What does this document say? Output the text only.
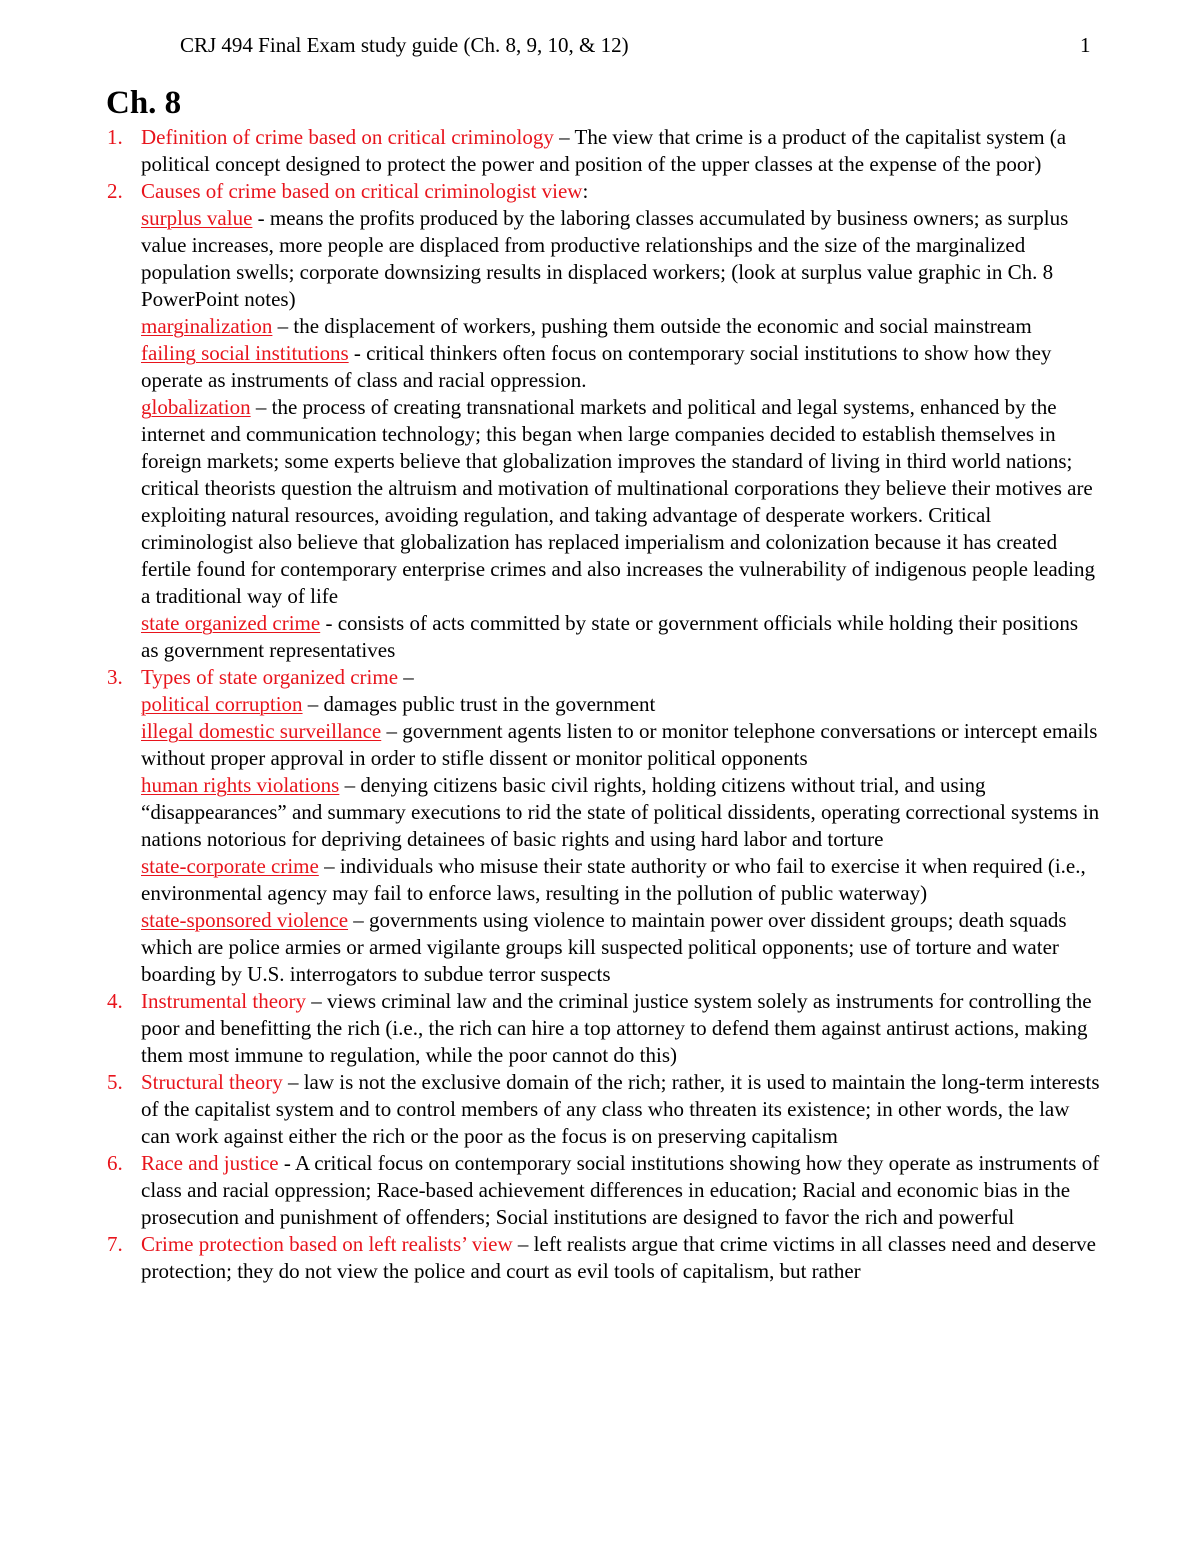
CRJ 494 Final Exam study guide (Ch. 8, 9, 10, & 12)	1
Ch. 8
1. Definition of crime based on critical criminology – The view that crime is a product of the capitalist system (a political concept designed to protect the power and position of the upper classes at the expense of the poor)
2. Causes of crime based on critical criminologist view:
surplus value - means the profits produced by the laboring classes accumulated by business owners; as surplus value increases, more people are displaced from productive relationships and the size of the marginalized population swells; corporate downsizing results in displaced workers; (look at surplus value graphic in Ch. 8 PowerPoint notes)
marginalization – the displacement of workers, pushing them outside the economic and social mainstream
failing social institutions - critical thinkers often focus on contemporary social institutions to show how they operate as instruments of class and racial oppression.
globalization – the process of creating transnational markets and political and legal systems, enhanced by the internet and communication technology; this began when large companies decided to establish themselves in foreign markets; some experts believe that globalization improves the standard of living in third world nations; critical theorists question the altruism and motivation of multinational corporations they believe their motives are exploiting natural resources, avoiding regulation, and taking advantage of desperate workers. Critical criminologist also believe that globalization has replaced imperialism and colonization because it has created fertile found for contemporary enterprise crimes and also increases the vulnerability of indigenous people leading a traditional way of life
state organized crime - consists of acts committed by state or government officials while holding their positions as government representatives
3. Types of state organized crime –
political corruption – damages public trust in the government
illegal domestic surveillance – government agents listen to or monitor telephone conversations or intercept emails without proper approval in order to stifle dissent or monitor political opponents
human rights violations – denying citizens basic civil rights, holding citizens without trial, and using “disappearances” and summary executions to rid the state of political dissidents, operating correctional systems in nations notorious for depriving detainees of basic rights and using hard labor and torture
state-corporate crime – individuals who misuse their state authority or who fail to exercise it when required (i.e., environmental agency may fail to enforce laws, resulting in the pollution of public waterway)
state-sponsored violence – governments using violence to maintain power over dissident groups; death squads which are police armies or armed vigilante groups kill suspected political opponents; use of torture and water boarding by U.S. interrogators to subdue terror suspects
4. Instrumental theory – views criminal law and the criminal justice system solely as instruments for controlling the poor and benefitting the rich (i.e., the rich can hire a top attorney to defend them against antirust actions, making them most immune to regulation, while the poor cannot do this)
5. Structural theory – law is not the exclusive domain of the rich; rather, it is used to maintain the long-term interests of the capitalist system and to control members of any class who threaten its existence; in other words, the law can work against either the rich or the poor as the focus is on preserving capitalism
6. Race and justice - A critical focus on contemporary social institutions showing how they operate as instruments of class and racial oppression; Race-based achievement differences in education; Racial and economic bias in the prosecution and punishment of offenders; Social institutions are designed to favor the rich and powerful
7. Crime protection based on left realists’ view – left realists argue that crime victims in all classes need and deserve protection; they do not view the police and court as evil tools of capitalism, but rather
